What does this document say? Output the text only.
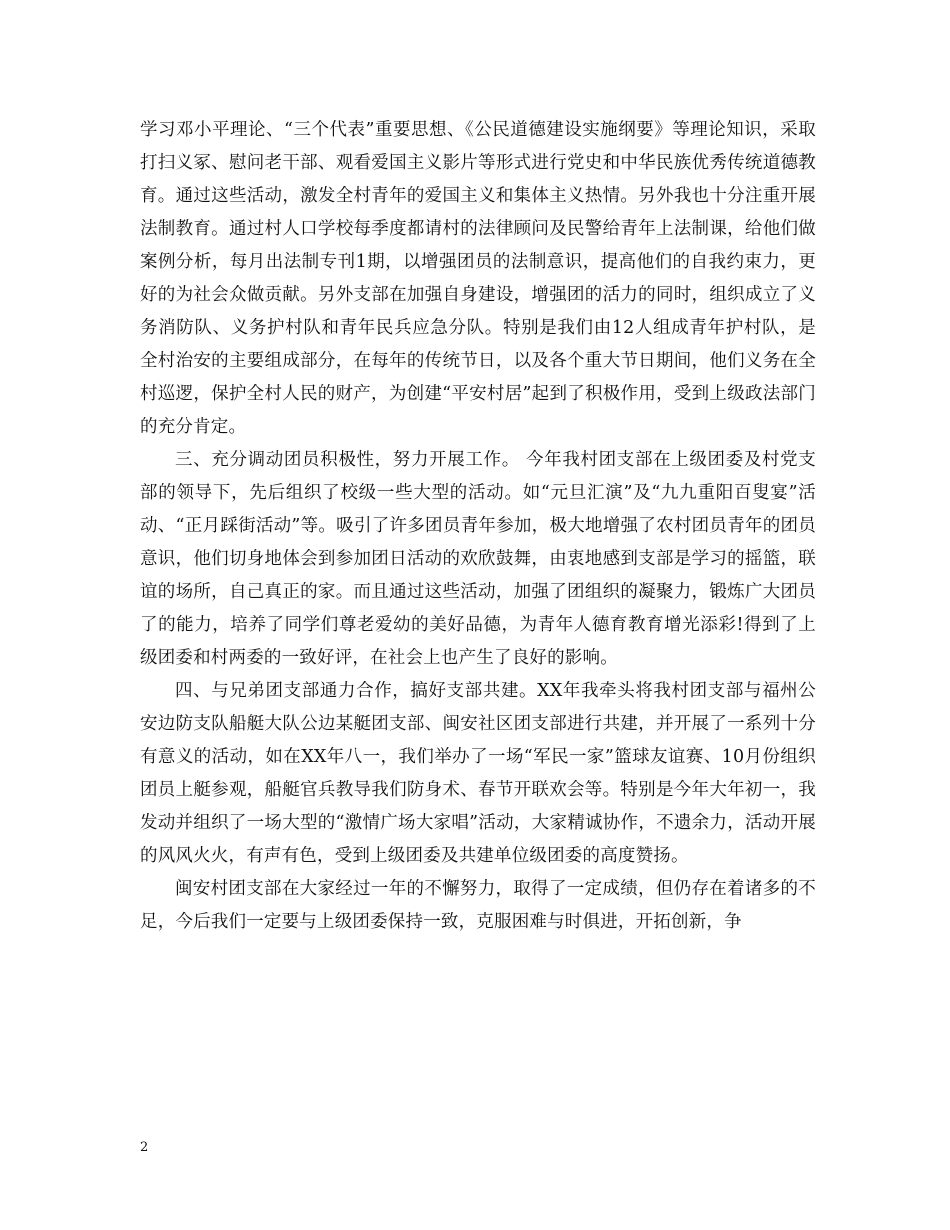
学习邓小平理论、“三个代表”重要思想、《公民道德建设实施纲要》等理论知识，采取打扫义冢、慰问老干部、观看爱国主义影片等形式进行党史和中华民族优秀传统道德教育。通过这些活动，激发全村青年的爱国主义和集体主义热情。另外我也十分注重开展法制教育。通过村人口学校每季度都请村的法律顾问及民警给青年上法制课，给他们做案例分析，每月出法制专刊1期，以增强团员的法制意识，提高他们的自我约束力，更好的为社会众做贡献。另外支部在加强自身建设，增强团的活力的同时，组织成立了义务消防队、义务护村队和青年民兵应急分队。特别是我们由12人组成青年护村队，是全村治安的主要组成部分，在每年的传统节日，以及各个重大节日期间，他们义务在全村巡逻，保护全村人民的财产，为创建“平安村居”起到了积极作用，受到上级政法部门的充分肯定。

三、充分调动团员积极性，努力开展工作。 今年我村团支部在上级团委及村党支部的领导下，先后组织了校级一些大型的活动。如“元旦汇演”及“九九重阳百叟宴”活动、“正月踩街活动”等。吸引了许多团员青年参加，极大地增强了农村团员青年的团员意识，他们切身地体会到参加团日活动的欢欣鼓舞，由衷地感到支部是学习的摇篮，联谊的场所，自己真正的家。而且通过这些活动，加强了团组织的凝聚力，锻炼广大团员了的能力，培养了同学们尊老爱幼的美好品德，为青年人德育教育增光添彩!得到了上级团委和村两委的一致好评，在社会上也产生了良好的影响。

四、与兄弟团支部通力合作，搞好支部共建。XX年我牵头将我村团支部与福州公安边防支队船艇大队公边某艇团支部、闽安社区团支部进行共建，并开展了一系列十分有意义的活动，如在XX年八一，我们举办了一场“军民一家”篮球友谊赛、10月份组织团员上艇参观，船艇官兵教导我们防身术、春节开联欢会等。特别是今年大年初一，我发动并组织了一场大型的“激情广场大家唱”活动，大家精诚协作，不遗余力，活动开展的风风火火，有声有色，受到上级团委及共建单位级团委的高度赞扬。

闽安村团支部在大家经过一年的不懈努力，取得了一定成绩，但仍存在着诸多的不足，今后我们一定要与上级团委保持一致，克服困难与时俱进，开拓创新，争

2
